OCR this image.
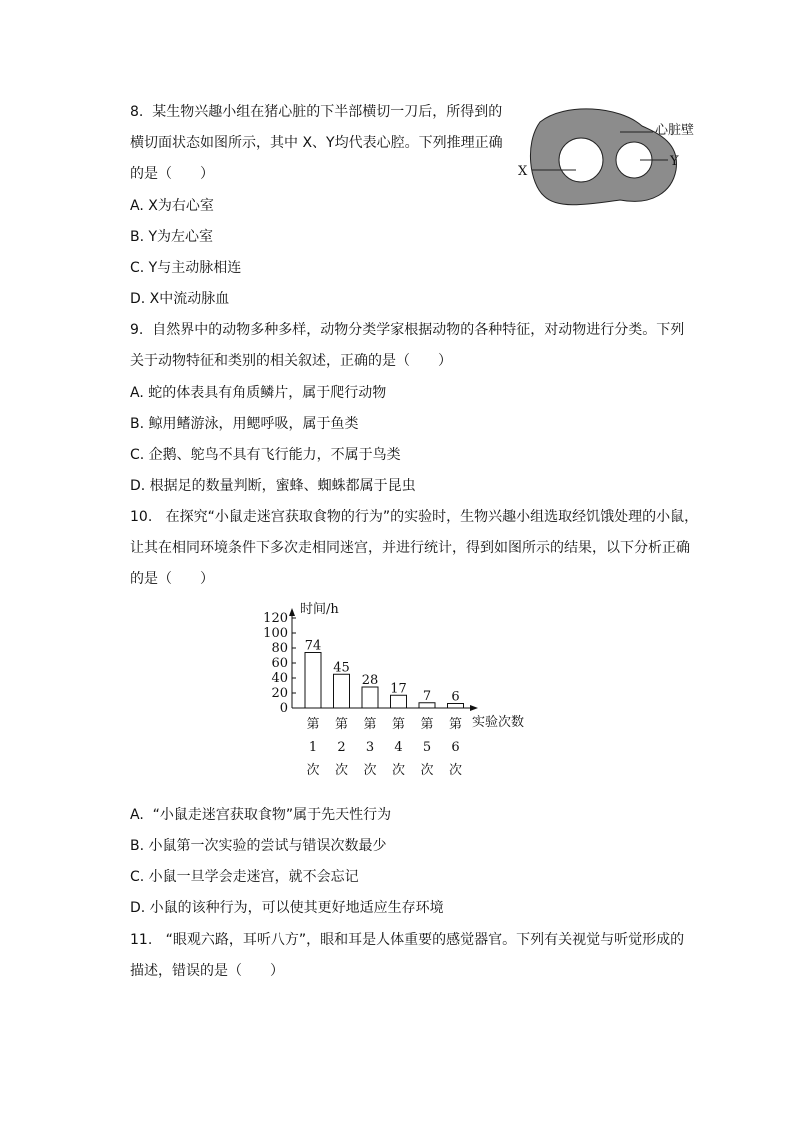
8.  某生物兴趣小组在猪心脏的下半部横切一刀后，所得到的
横切面状态如图所示，其中 X、Y均代表心腔。下列推理正确
的是（　　）
A. X为右心室
B. Y为左心室
C. Y与主动脉相连
D. X中流动脉血
心脏壁
X
Y
9.  自然界中的动物多种多样，动物分类学家根据动物的各种特征，对动物进行分类。下列
关于动物特征和类别的相关叙述，正确的是（　　）
A. 蛇的体表具有角质鳞片，属于爬行动物
B. 鲸用鳍游泳，用鳃呼吸，属于鱼类
C. 企鹅、鸵鸟不具有飞行能力，不属于鸟类
D. 根据足的数量判断，蜜蜂、蜘蛛都属于昆虫
10.   在探究“小鼠走迷宫获取食物的行为”的实验时，生物兴趣小组选取经饥饿处理的小鼠，
让其在相同环境条件下多次走相同迷宫，并进行统计，得到如图所示的结果，以下分析正确
的是（　　）
时间/h
实验次数
0
20
40
60
80
100
120
74
45
28
17 7 6
第
1
次
第
2
次
第
3
次
第
4
次
第
5
次
第
6
次
A.  “小鼠走迷宫获取食物”属于先天性行为
B. 小鼠第一次实验的尝试与错误次数最少
C. 小鼠一旦学会走迷宫，就不会忘记
D. 小鼠的该种行为，可以使其更好地适应生存环境
11.   “眼观六路，耳听八方”，眼和耳是人体重要的感觉器官。下列有关视觉与听觉形成的
描述，错误的是（　　）
